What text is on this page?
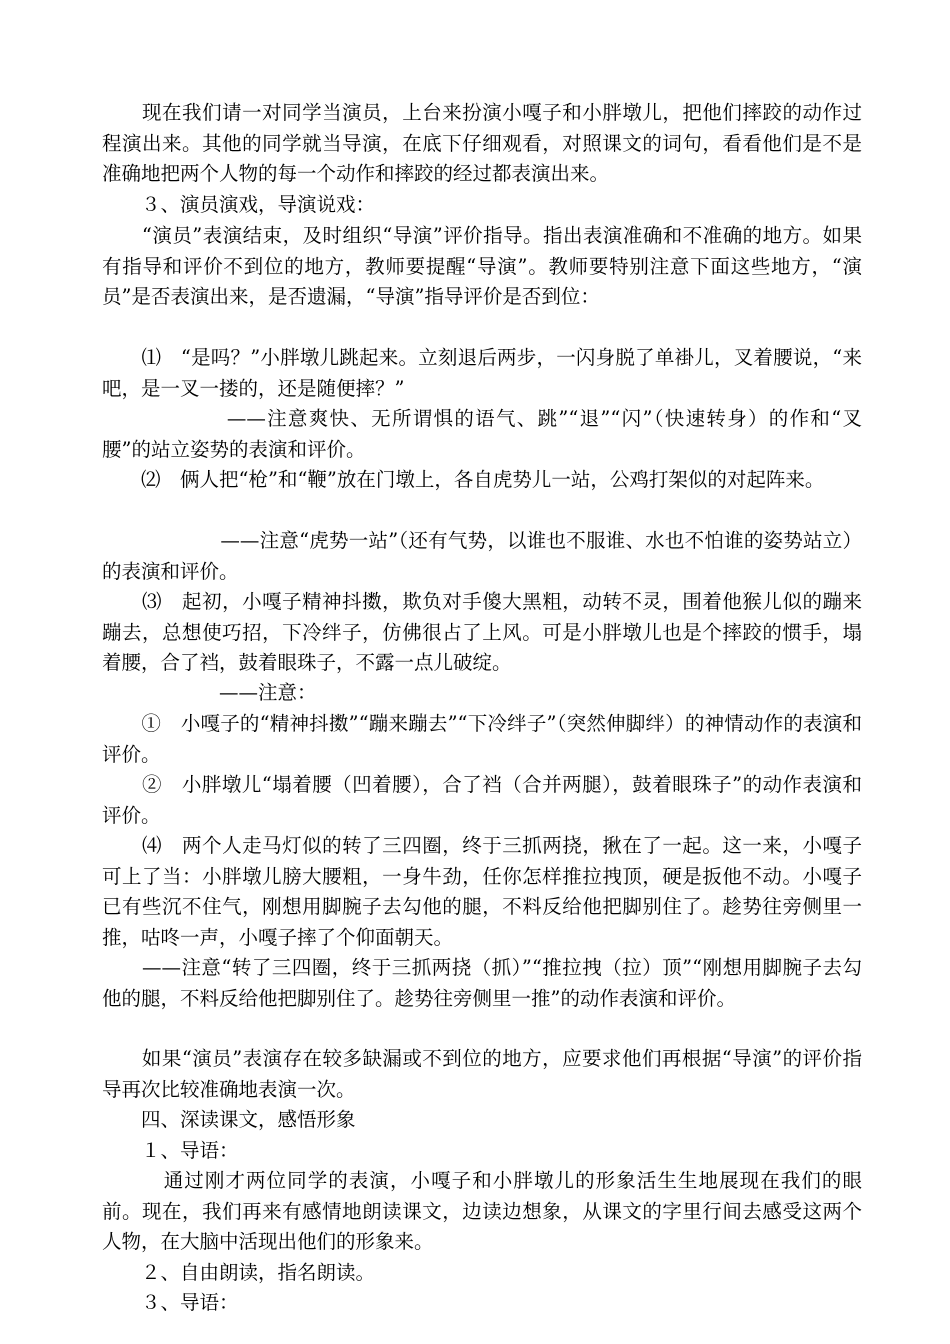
　　现在我们请一对同学当演员，上台来扮演小嘎子和小胖墩儿，把他们摔跤的动作过程演出来。其他的同学就当导演，在底下仔细观看，对照课文的词句，看看他们是不是准确地把两个人物的每一个动作和摔跤的经过都表演出来。

　　３、演员演戏，导演说戏：

　　“演员”表演结束，及时组织“导演”评价指导。指出表演准确和不准确的地方。如果有指导和评价不到位的地方，教师要提醒“导演”。教师要特别注意下面这些地方，“演员”是否表演出来，是否遗漏，“导演”指导评价是否到位：

　　⑴　“是吗？”小胖墩儿跳起来。立刻退后两步，一闪身脱了单褂儿，叉着腰说，“来吧，是一叉一搂的，还是随便摔？”

　　　　　　——注意爽快、无所谓惧的语气、跳”“退”“闪”（快速转身）的作和“叉腰”的站立姿势的表演和评价。

　　⑵　俩人把“枪”和“鞭”放在门墩上，各自虎势儿一站，公鸡打架似的对起阵来。

　　　　　　——注意“虎势一站”（还有气势，以谁也不服谁、水也不怕谁的姿势站立）的表演和评价。

　　⑶　起初，小嘎子精神抖擞，欺负对手傻大黑粗，动转不灵，围着他猴儿似的蹦来蹦去，总想使巧招，下冷绊子，仿佛很占了上风。可是小胖墩儿也是个摔跤的惯手，塌着腰，合了裆，鼓着眼珠子，不露一点儿破绽。

　　　　　　——注意：

　　①　小嘎子的“精神抖擞”“蹦来蹦去”“下冷绊子”（突然伸脚绊）的神情动作的表演和评价。

　　②　小胖墩儿“塌着腰（凹着腰），合了裆（合并两腿），鼓着眼珠子”的动作表演和评价。

　　⑷　两个人走马灯似的转了三四圈，终于三抓两挠，揪在了一起。这一来，小嘎子可上了当：小胖墩儿膀大腰粗，一身牛劲，任你怎样推拉拽顶，硬是扳他不动。小嘎子已有些沉不住气，刚想用脚腕子去勾他的腿，不料反给他把脚别住了。趁势往旁侧里一推，咕咚一声，小嘎子摔了个仰面朝天。

　　——注意“转了三四圈，终于三抓两挠（抓）”“推拉拽（拉）顶”“刚想用脚腕子去勾他的腿，不料反给他把脚别住了。趁势往旁侧里一推”的动作表演和评价。

　　如果“演员”表演存在较多缺漏或不到位的地方，应要求他们再根据“导演”的评价指导再次比较准确地表演一次。

　　四、深读课文，感悟形象

　　１、导语：

　　　通过刚才两位同学的表演，小嘎子和小胖墩儿的形象活生生地展现在我们的眼前。现在，我们再来有感情地朗读课文，边读边想象，从课文的字里行间去感受这两个人物，在大脑中活现出他们的形象来。

　　２、自由朗读，指名朗读。

　　３、导语：
